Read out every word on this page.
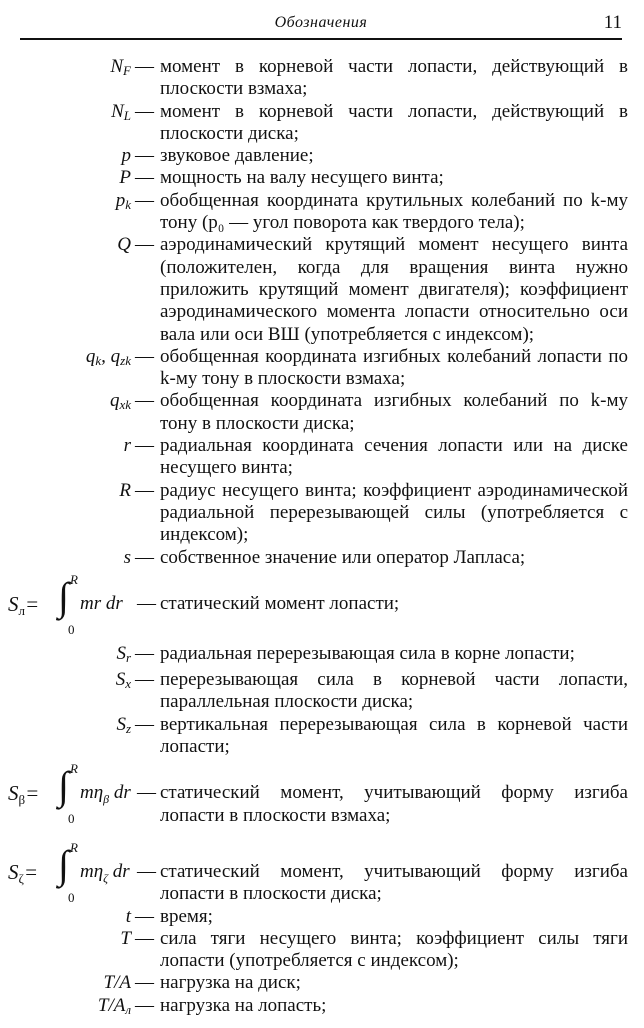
Обозначения	11
$N_F$ — момент в корневой части лопасти, действующий в плоскости взмаха;
$N_L$ — момент в корневой части лопасти, действующий в плоскости диска;
p — звуковое давление;
P — мощность на валу несущего винта;
$p_k$ — обобщенная координата крутильных колебаний по k-му тону (p₀ — угол поворота как твердого тела);
Q — аэродинамический крутящий момент несущего винта (положителен, когда для вращения винта нужно приложить крутящий момент двигателя); коэффициент аэродинамического момента лопасти относительно оси вала или оси ВШ (употребляется с индексом);
$q_k$, $q_{zk}$ — обобщенная координата изгибных колебаний лопасти по k-му тону в плоскости взмаха;
$q_{xk}$ — обобщенная координата изгибных колебаний по k-му тону в плоскости диска;
r — радиальная координата сечения лопасти или на диске несущего винта;
R — радиус несущего винта; коэффициент аэродинамической радиальной перерезывающей силы (употребляется с индексом);
s — собственное значение или оператор Лапласа;
$S_л=$
R
∫
0
mr dr — статический момент лопасти;
$S_r$ — радиальная перерезывающая сила в корне лопасти;
$S_x$ — перерезывающая сила в корневой части лопасти, параллельная плоскости диска;
$S_z$ — вертикальная перерезывающая сила в корневой части лопасти;
$S_\beta=$
R
∫
0
$m\eta_\beta$ dr — статический момент, учитывающий форму изгиба лопасти в плоскости взмаха;
$S_\zeta=$
R
∫
0
$m\eta_\zeta$ dr — статический момент, учитывающий форму изгиба лопасти в плоскости диска;
t — время;
T — сила тяги несущего винта; коэффициент силы тяги лопасти (употребляется с индексом);
T/A — нагрузка на диск;
$T/A_л$ — нагрузка на лопасть;
